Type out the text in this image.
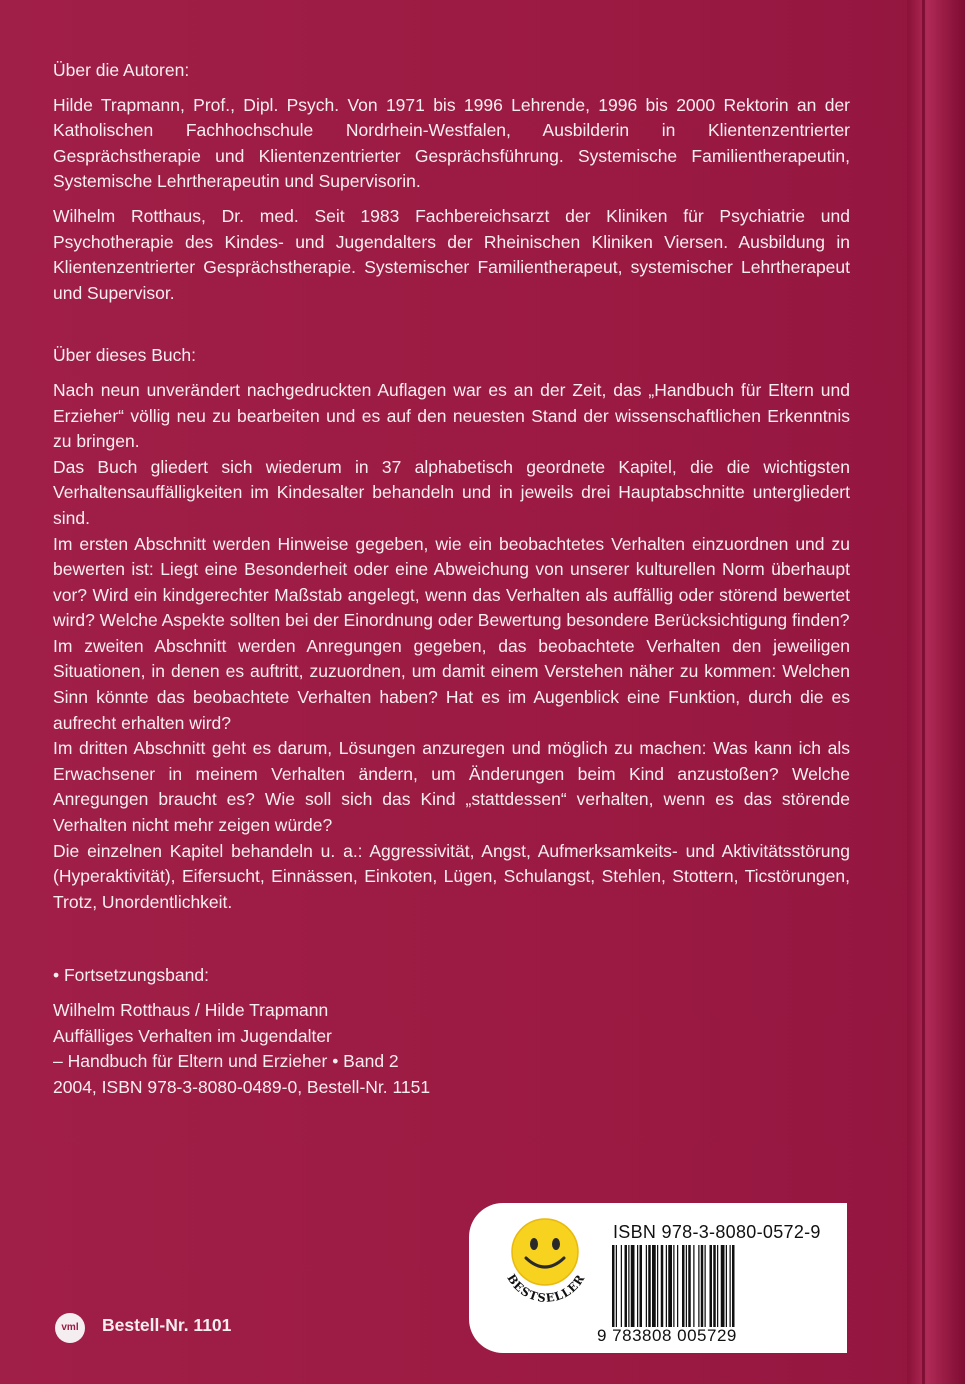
Über die Autoren:

Hilde Trapmann, Prof., Dipl. Psych. Von 1971 bis 1996 Lehrende, 1996 bis 2000 Rektorin an der Katholischen Fachhochschule Nordrhein-Westfalen, Ausbilderin in Klientenzentrierter Gesprächstherapie und Klientenzentrierter Gesprächsführung. Systemische Familientherapeutin, Systemische Lehrtherapeutin und Supervisorin.

Wilhelm Rotthaus, Dr. med. Seit 1983 Fachbereichsarzt der Kliniken für Psychiatrie und Psychotherapie des Kindes- und Jugendalters der Rheinischen Kliniken Viersen. Ausbildung in Klientenzentrierter Gesprächstherapie. Systemischer Familientherapeut, systemischer Lehrtherapeut und Supervisor.

Über dieses Buch:

Nach neun unverändert nachgedruckten Auflagen war es an der Zeit, das „Handbuch für Eltern und Erzieher“ völlig neu zu bearbeiten und es auf den neuesten Stand der wissenschaftlichen Erkenntnis zu bringen.

Das Buch gliedert sich wiederum in 37 alphabetisch geordnete Kapitel, die die wichtigsten Verhaltensauffälligkeiten im Kindesalter behandeln und in jeweils drei Hauptabschnitte untergliedert sind.

Im ersten Abschnitt werden Hinweise gegeben, wie ein beobachtetes Verhalten einzuordnen und zu bewerten ist: Liegt eine Besonderheit oder eine Abweichung von unserer kulturellen Norm überhaupt vor? Wird ein kindgerechter Maßstab angelegt, wenn das Verhalten als auffällig oder störend bewertet wird? Welche Aspekte sollten bei der Einordnung oder Bewertung besondere Berücksichtigung finden?

Im zweiten Abschnitt werden Anregungen gegeben, das beobachtete Verhalten den jeweiligen Situationen, in denen es auftritt, zuzuordnen, um damit einem Verstehen näher zu kommen: Welchen Sinn könnte das beobachtete Verhalten haben? Hat es im Augenblick eine Funktion, durch die es aufrecht erhalten wird?

Im dritten Abschnitt geht es darum, Lösungen anzuregen und möglich zu machen: Was kann ich als Erwachsener in meinem Verhalten ändern, um Änderungen beim Kind anzustoßen? Welche Anregungen braucht es? Wie soll sich das Kind „stattdessen“ verhalten, wenn es das störende Verhalten nicht mehr zeigen würde?

Die einzelnen Kapitel behandeln u. a.: Aggressivität, Angst, Aufmerksamkeits- und Aktivitätsstörung (Hyperaktivität), Eifersucht, Einnässen, Einkoten, Lügen, Schulangst, Stehlen, Stottern, Ticstörungen, Trotz, Unordentlichkeit.

• Fortsetzungsband:

Wilhelm Rotthaus / Hilde Trapmann

Auffälliges Verhalten im Jugendalter

– Handbuch für Eltern und Erzieher • Band 2

2004, ISBN 978-3-8080-0489-0, Bestell-Nr. 1151

vml	Bestell-Nr. 1101
BESTSELLER
ISBN 978-3-8080-0572-9
9 783808 005729
